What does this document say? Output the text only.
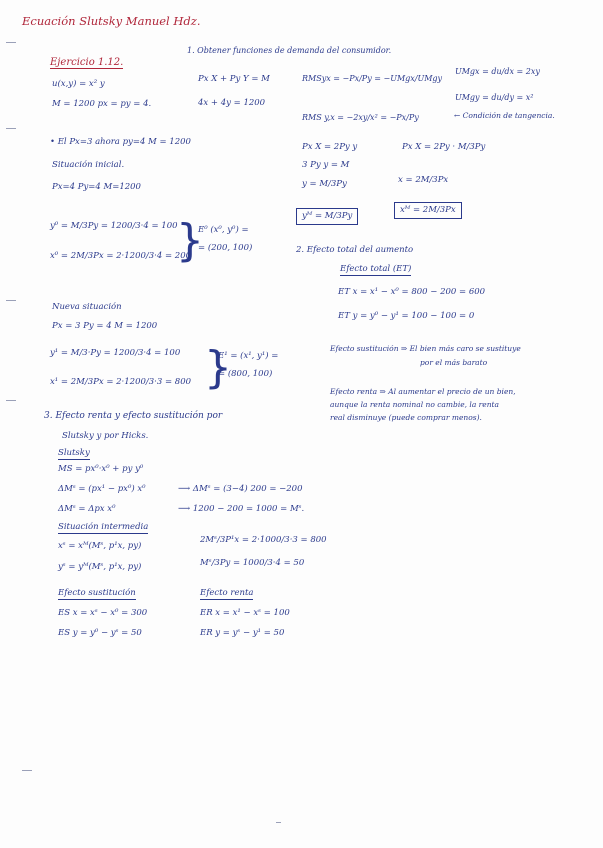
Ecuación Slutsky Manuel Hdz.
Ejercicio 1.12.
u(x,y) = x² y
M = 1200 px = py = 4.
• El Px=3 ahora py=4 M = 1200
Situación inicial.
Px=4 Py=4 M=1200
y⁰ = M/3Py = 1200/3·4 = 100
x⁰ = 2M/3Px = 2·1200/3·4 = 200
}
E⁰ (x⁰, y⁰) =
= (200, 100)
Nueva situación
Px = 3 Py = 4 M = 1200
y¹ = M/3·Py = 1200/3·4 = 100
x¹ = 2M/3Px = 2·1200/3·3 = 800 }
E¹ = (x¹, y¹) =
= (800, 100)
3. Efecto renta y efecto sustitución por
Slutsky y por Hicks.
Slutsky
MS = px⁰·x⁰ + py y⁰
ΔMˢ = (px¹ − px⁰) x⁰	⟶ ΔMˢ = (3−4) 200 = −200
ΔMˢ = Δpx x⁰	⟶ 1200 − 200 = 1000 = Mˢ.
Situación intermedia
xˢ = xᴹ(Mˢ, p¹x, py)
2Mˢ/3P¹x = 2·1000/3·3 = 800
yˢ = yᴹ(Mˢ, p¹x, py)	Mˢ/3Py = 1000/3·4 = 50
Efecto sustitución
ES x = xˢ − x⁰ = 300
ES y = y⁰ − yˢ = 50
Efecto renta
ER x = x¹ − xˢ = 100
ER y = yˢ − y¹ = 50
1. Obtener funciones de demanda del consumidor.
Px X + Py Y = M
4x + 4y = 1200
RMSyx = −Px/Py = −UMgx/UMgy
UMgx = du/dx = 2xy
UMgy = du/dy = x²
RMS y,x = −2xy/x² = −Px/Py	← Condición de tangencia.
Px X = 2Py y	Px X = 2Py · M/3Py
3 Py y = M
y = M/3Py	x = 2M/3Px
yᴹ = M/3Py
xᴹ = 2M/3Px
2. Efecto total del aumento
Efecto total (ET)
ET x = x¹ − x⁰ = 800 − 200 = 600
ET y = y⁰ − y¹ = 100 − 100 = 0
Efecto sustitución ⇒ El bien más caro se sustituye
por el más barato
Efecto renta ⇒ Al aumentar el precio de un bien,
aunque la renta nominal no cambie, la renta
real disminuye (puede comprar menos).
